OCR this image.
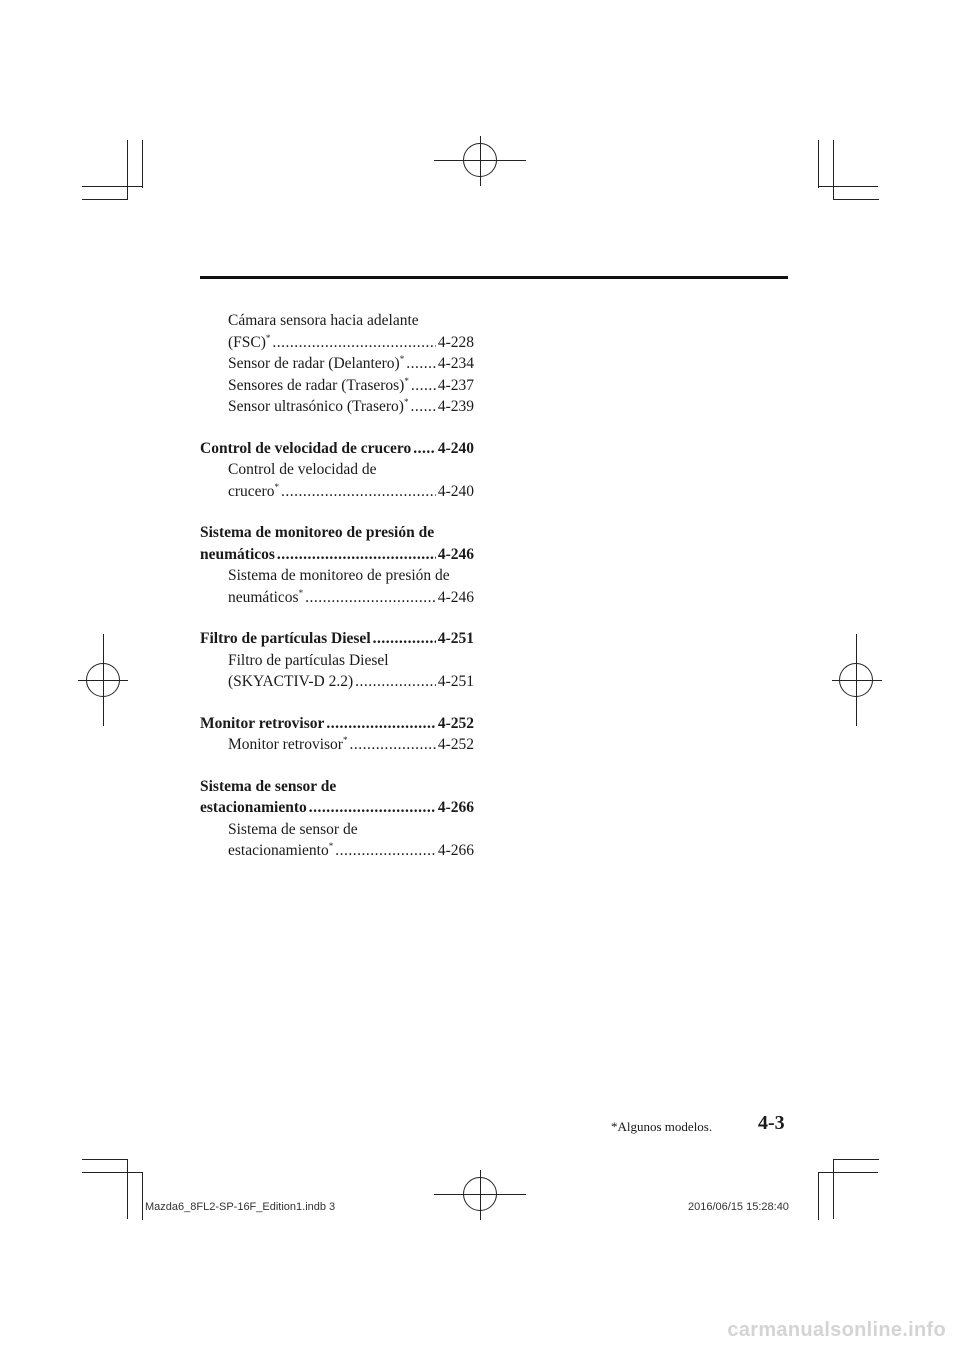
Cámara sensora hacia adelante
(FSC)* .....	4-228
Sensor de radar (Delantero)* ..... 4-234
Sensores de radar (Traseros)* ..... 4-237
Sensor ultrasónico (Trasero)* ..... 4-239
Control de velocidad de crucero ..... 4-240
Control de velocidad de
crucero* .....	4-240
Sistema de monitoreo de presión de
neumáticos .....	4-246
Sistema de monitoreo de presión de
neumáticos* .....	4-246
Filtro de partículas Diesel .....	4-251
Filtro de partículas Diesel
(SKYACTIV-D 2.2) .....	4-251
Monitor retrovisor .....	4-252
Monitor retrovisor* .....	4-252
Sistema de sensor de
estacionamiento .....	4-266
Sistema de sensor de
estacionamiento* .....	4-266
*Algunos modelos. 4-3
Mazda6_8FL2-SP-16F_Edition1.indb 3	2016/06/15 15:28:40
carmanualsonline.info
